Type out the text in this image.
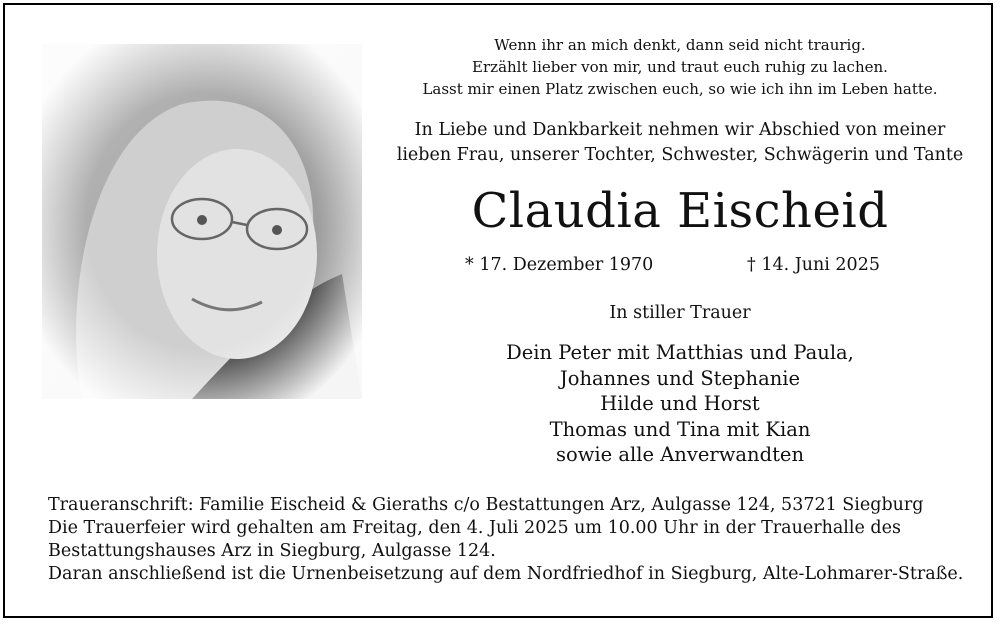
Wenn ihr an mich denkt, dann seid nicht traurig.
Erzählt lieber von mir, und traut euch ruhig zu lachen.
Lasst mir einen Platz zwischen euch, so wie ich ihn im Leben hatte.
In Liebe und Dankbarkeit nehmen wir Abschied von meiner
lieben Frau, unserer Tochter, Schwester, Schwägerin und Tante
Claudia Eischeid
* 17. Dezember 1970	† 14. Juni 2025
In stiller Trauer
Dein Peter mit Matthias und Paula,
Johannes und Stephanie
Hilde und Horst
Thomas und Tina mit Kian
sowie alle Anverwandten
Traueranschrift: Familie Eischeid & Gieraths c/o Bestattungen Arz, Aulgasse 124, 53721 Siegburg
Die Trauerfeier wird gehalten am Freitag, den 4. Juli 2025 um 10.00 Uhr in der Trauerhalle des
Bestattungshauses Arz in Siegburg, Aulgasse 124.
Daran anschließend ist die Urnenbeisetzung auf dem Nordfriedhof in Siegburg, Alte-Lohmarer-Straße.
